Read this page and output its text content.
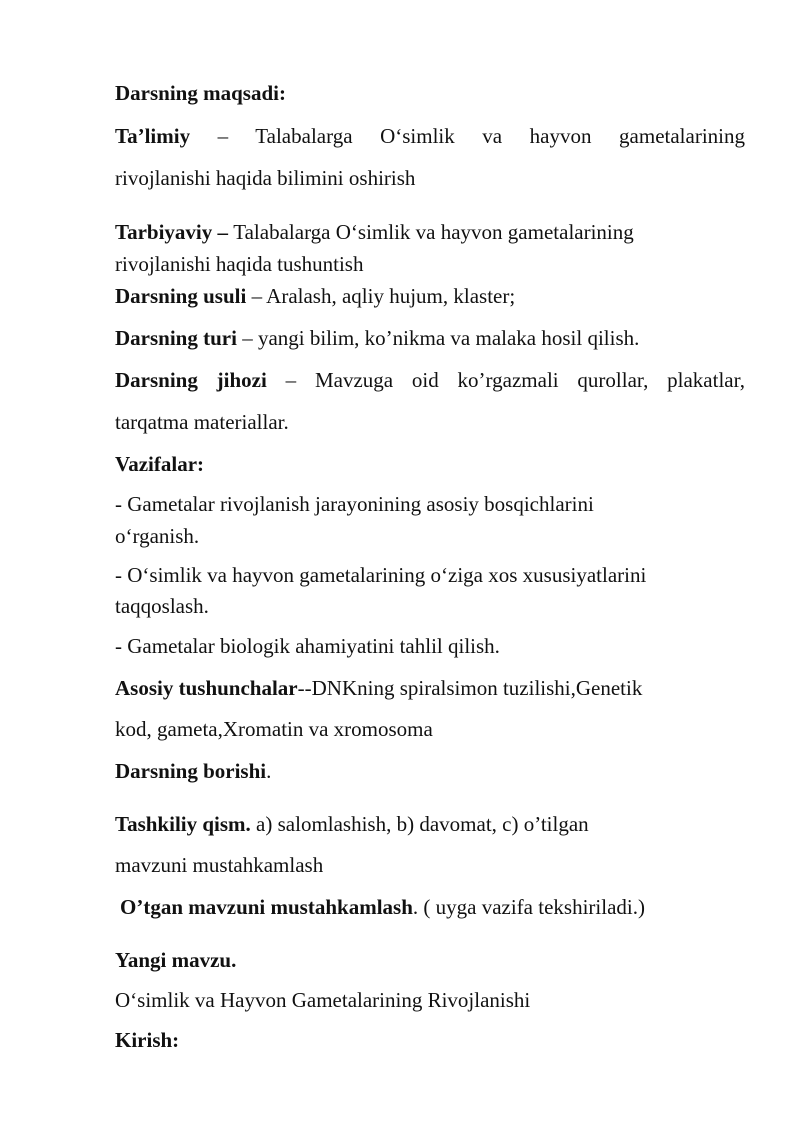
Darsning maqsadi:
Ta’limiy – Talabalarga O‘simlik va hayvon gametalarining
rivojlanishi haqida bilimini oshirish
Tarbiyaviy – Talabalarga O‘simlik va hayvon gametalarining
rivojlanishi haqida tushuntish
Darsning usuli – Aralash, aqliy hujum, klaster;
Darsning turi – yangi bilim, ko’nikma va malaka hosil qilish.
Darsning jihozi – Mavzuga oid ko’rgazmali qurollar, plakatlar,
tarqatma materiallar.
Vazifalar:
- Gametalar rivojlanish jarayonining asosiy bosqichlarini
o‘rganish.
- O‘simlik va hayvon gametalarining o‘ziga xos xususiyatlarini
taqqoslash.
- Gametalar biologik ahamiyatini tahlil qilish.
Asosiy tushunchalar--DNKning spiralsimon tuzilishi,Genetik
kod, gameta,Xromatin va xromosoma
Darsning borishi.
Tashkiliy qism. a) salomlashish, b) davomat, c) o’tilgan
mavzuni mustahkamlash
O’tgan mavzuni mustahkamlash. ( uyga vazifa tekshiriladi.)
Yangi mavzu.
O‘simlik va Hayvon Gametalarining Rivojlanishi
Kirish:
